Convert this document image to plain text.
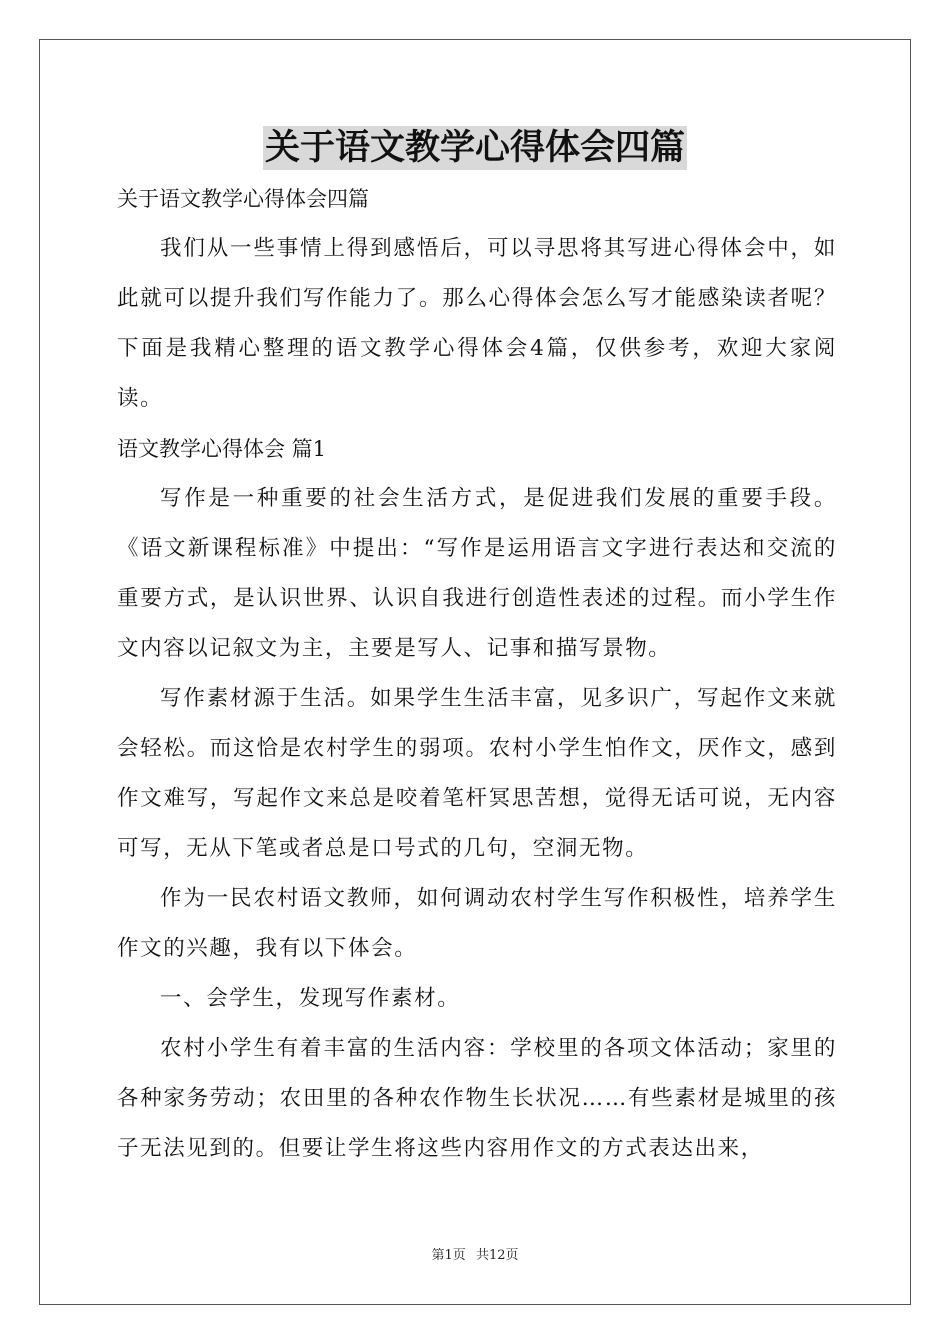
关于语文教学心得体会四篇
关于语文教学心得体会四篇

我们从一些事情上得到感悟后，可以寻思将其写进心得体会中，如此就可以提升我们写作能力了。那么心得体会怎么写才能感染读者呢？下面是我精心整理的语文教学心得体会4篇，仅供参考，欢迎大家阅读。

语文教学心得体会 篇1

写作是一种重要的社会生活方式，是促进我们发展的重要手段。《语文新课程标准》中提出：“写作是运用语言文字进行表达和交流的重要方式，是认识世界、认识自我进行创造性表述的过程。而小学生作文内容以记叙文为主，主要是写人、记事和描写景物。

写作素材源于生活。如果学生生活丰富，见多识广，写起作文来就会轻松。而这恰是农村学生的弱项。农村小学生怕作文，厌作文，感到作文难写，写起作文来总是咬着笔杆冥思苦想，觉得无话可说，无内容可写，无从下笔或者总是口号式的几句，空洞无物。

作为一民农村语文教师，如何调动农村学生写作积极性，培养学生作文的兴趣，我有以下体会。

一、会学生，发现写作素材。

农村小学生有着丰富的生活内容：学校里的各项文体活动；家里的各种家务劳动；农田里的各种农作物生长状况……有些素材是城里的孩子无法见到的。但要让学生将这些内容用作文的方式表达出来，

第1页 共12页
